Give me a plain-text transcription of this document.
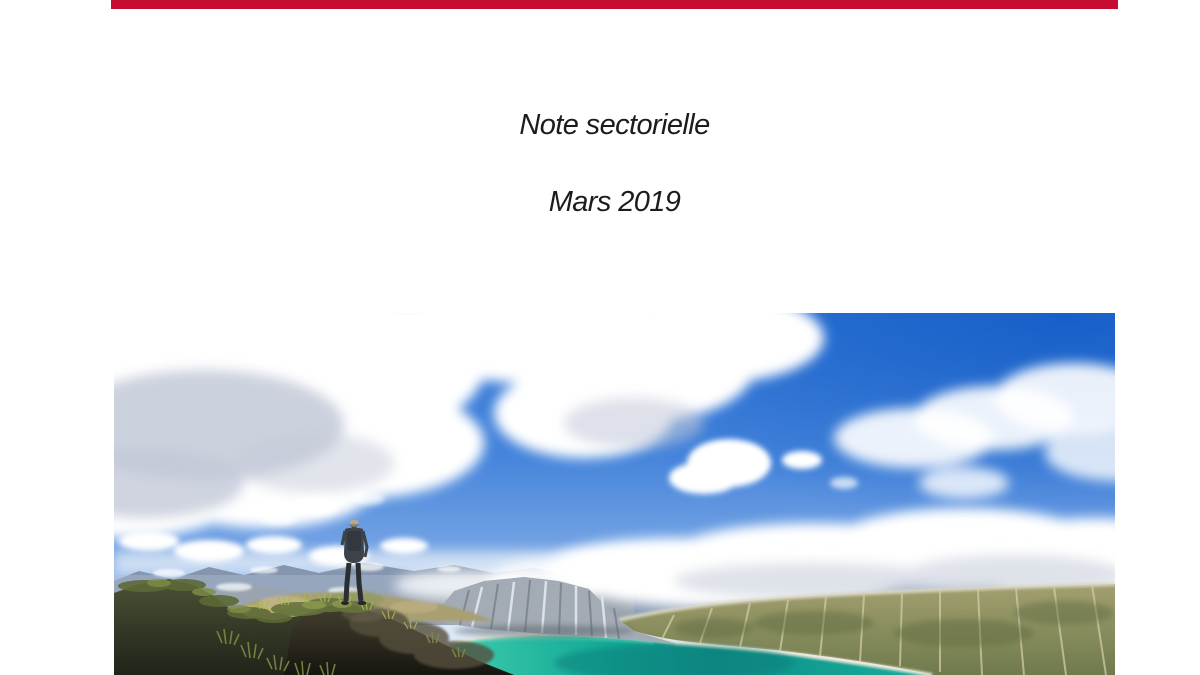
Note sectorielle

Mars 2019
